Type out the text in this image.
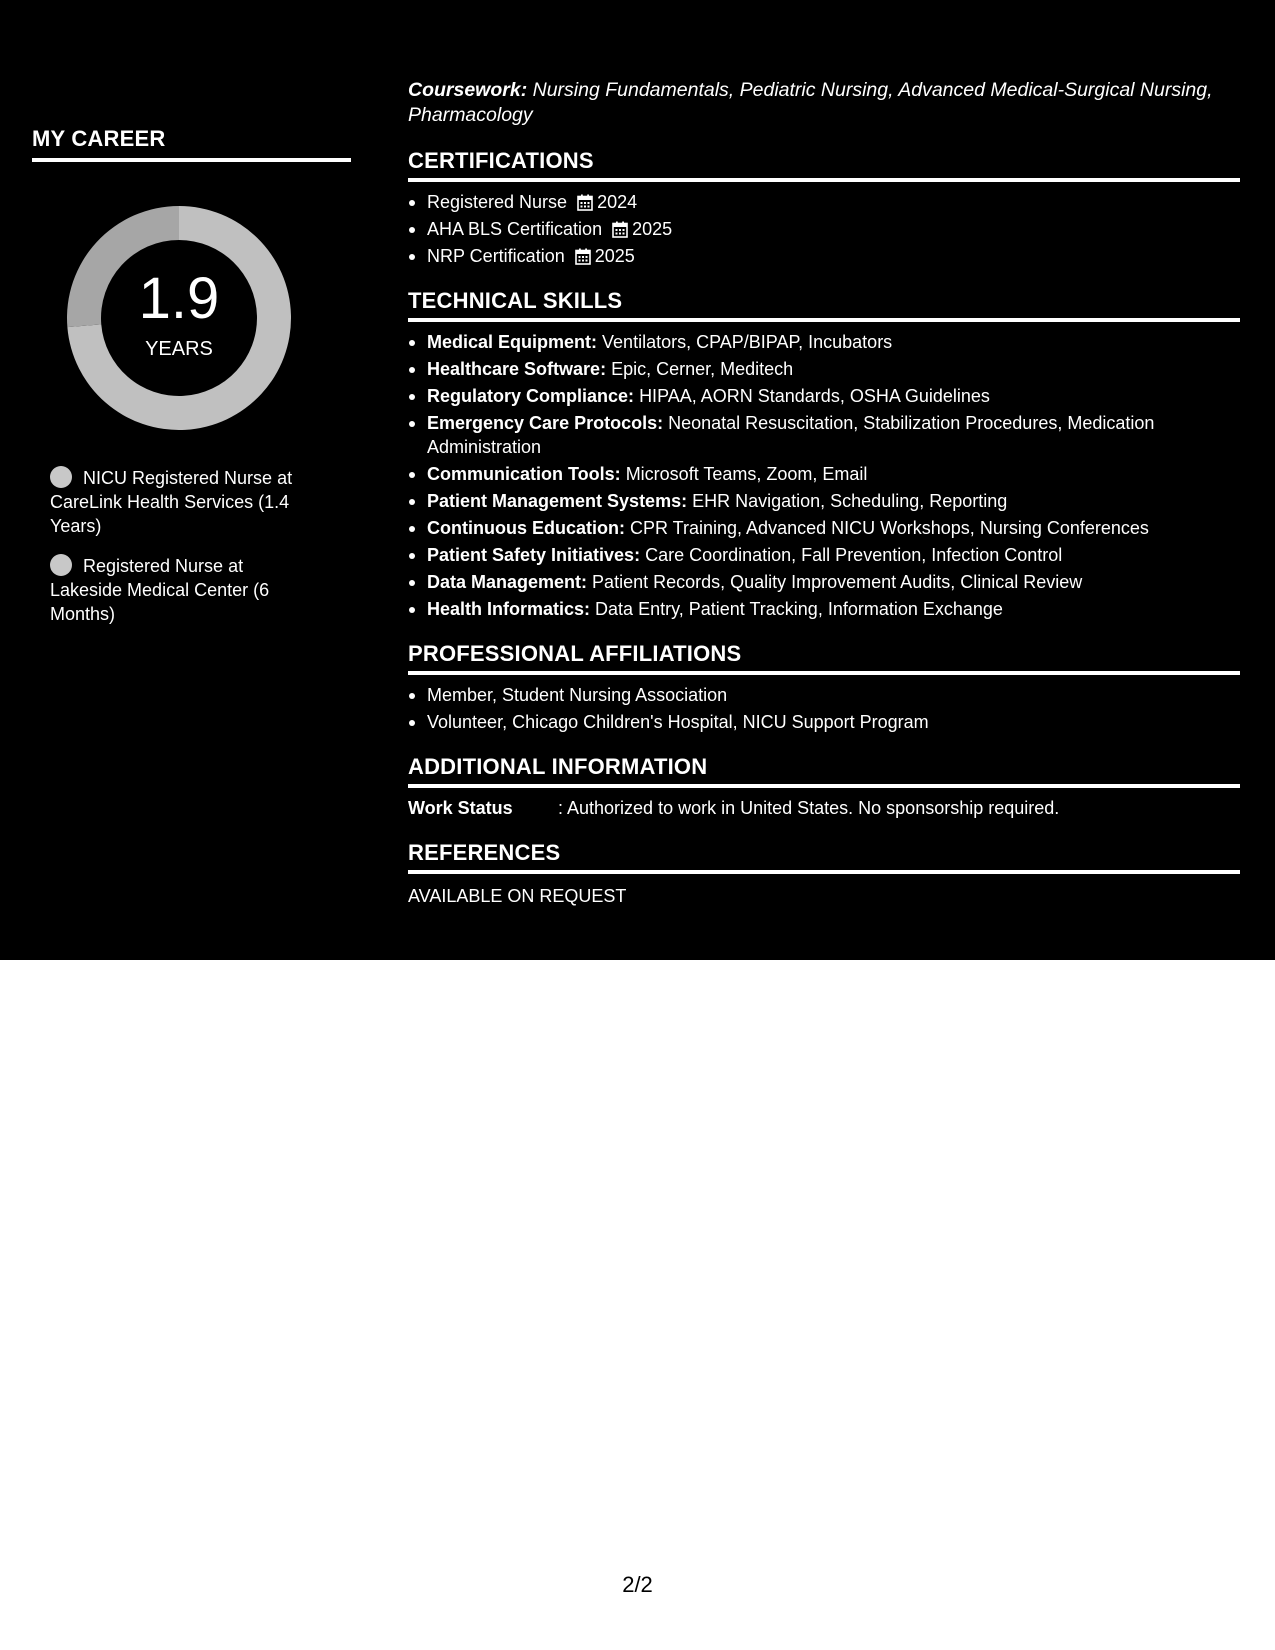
MY CAREER
1.9
YEARS
NICU Registered Nurse at CareLink Health Services (1.4 Years)
Registered Nurse at Lakeside Medical Center (6 Months)

Coursework: Nursing Fundamentals, Pediatric Nursing, Advanced Medical-Surgical Nursing, Pharmacology

CERTIFICATIONS
Registered Nurse 2024
AHA BLS Certification 2025
NRP Certification 2025
TECHNICAL SKILLS
Medical Equipment: Ventilators, CPAP/BIPAP, Incubators
Healthcare Software: Epic, Cerner, Meditech
Regulatory Compliance: HIPAA, AORN Standards, OSHA Guidelines
Emergency Care Protocols: Neonatal Resuscitation, Stabilization Procedures, Medication Administration
Communication Tools: Microsoft Teams, Zoom, Email
Patient Management Systems: EHR Navigation, Scheduling, Reporting
Continuous Education: CPR Training, Advanced NICU Workshops, Nursing Conferences
Patient Safety Initiatives: Care Coordination, Fall Prevention, Infection Control
Data Management: Patient Records, Quality Improvement Audits, Clinical Review
Health Informatics: Data Entry, Patient Tracking, Information Exchange
PROFESSIONAL AFFILIATIONS
Member, Student Nursing Association
Volunteer, Chicago Children's Hospital, NICU Support Program
ADDITIONAL INFORMATION
Work Status	: Authorized to work in United States. No sponsorship required.
REFERENCES
AVAILABLE ON REQUEST
2/2
